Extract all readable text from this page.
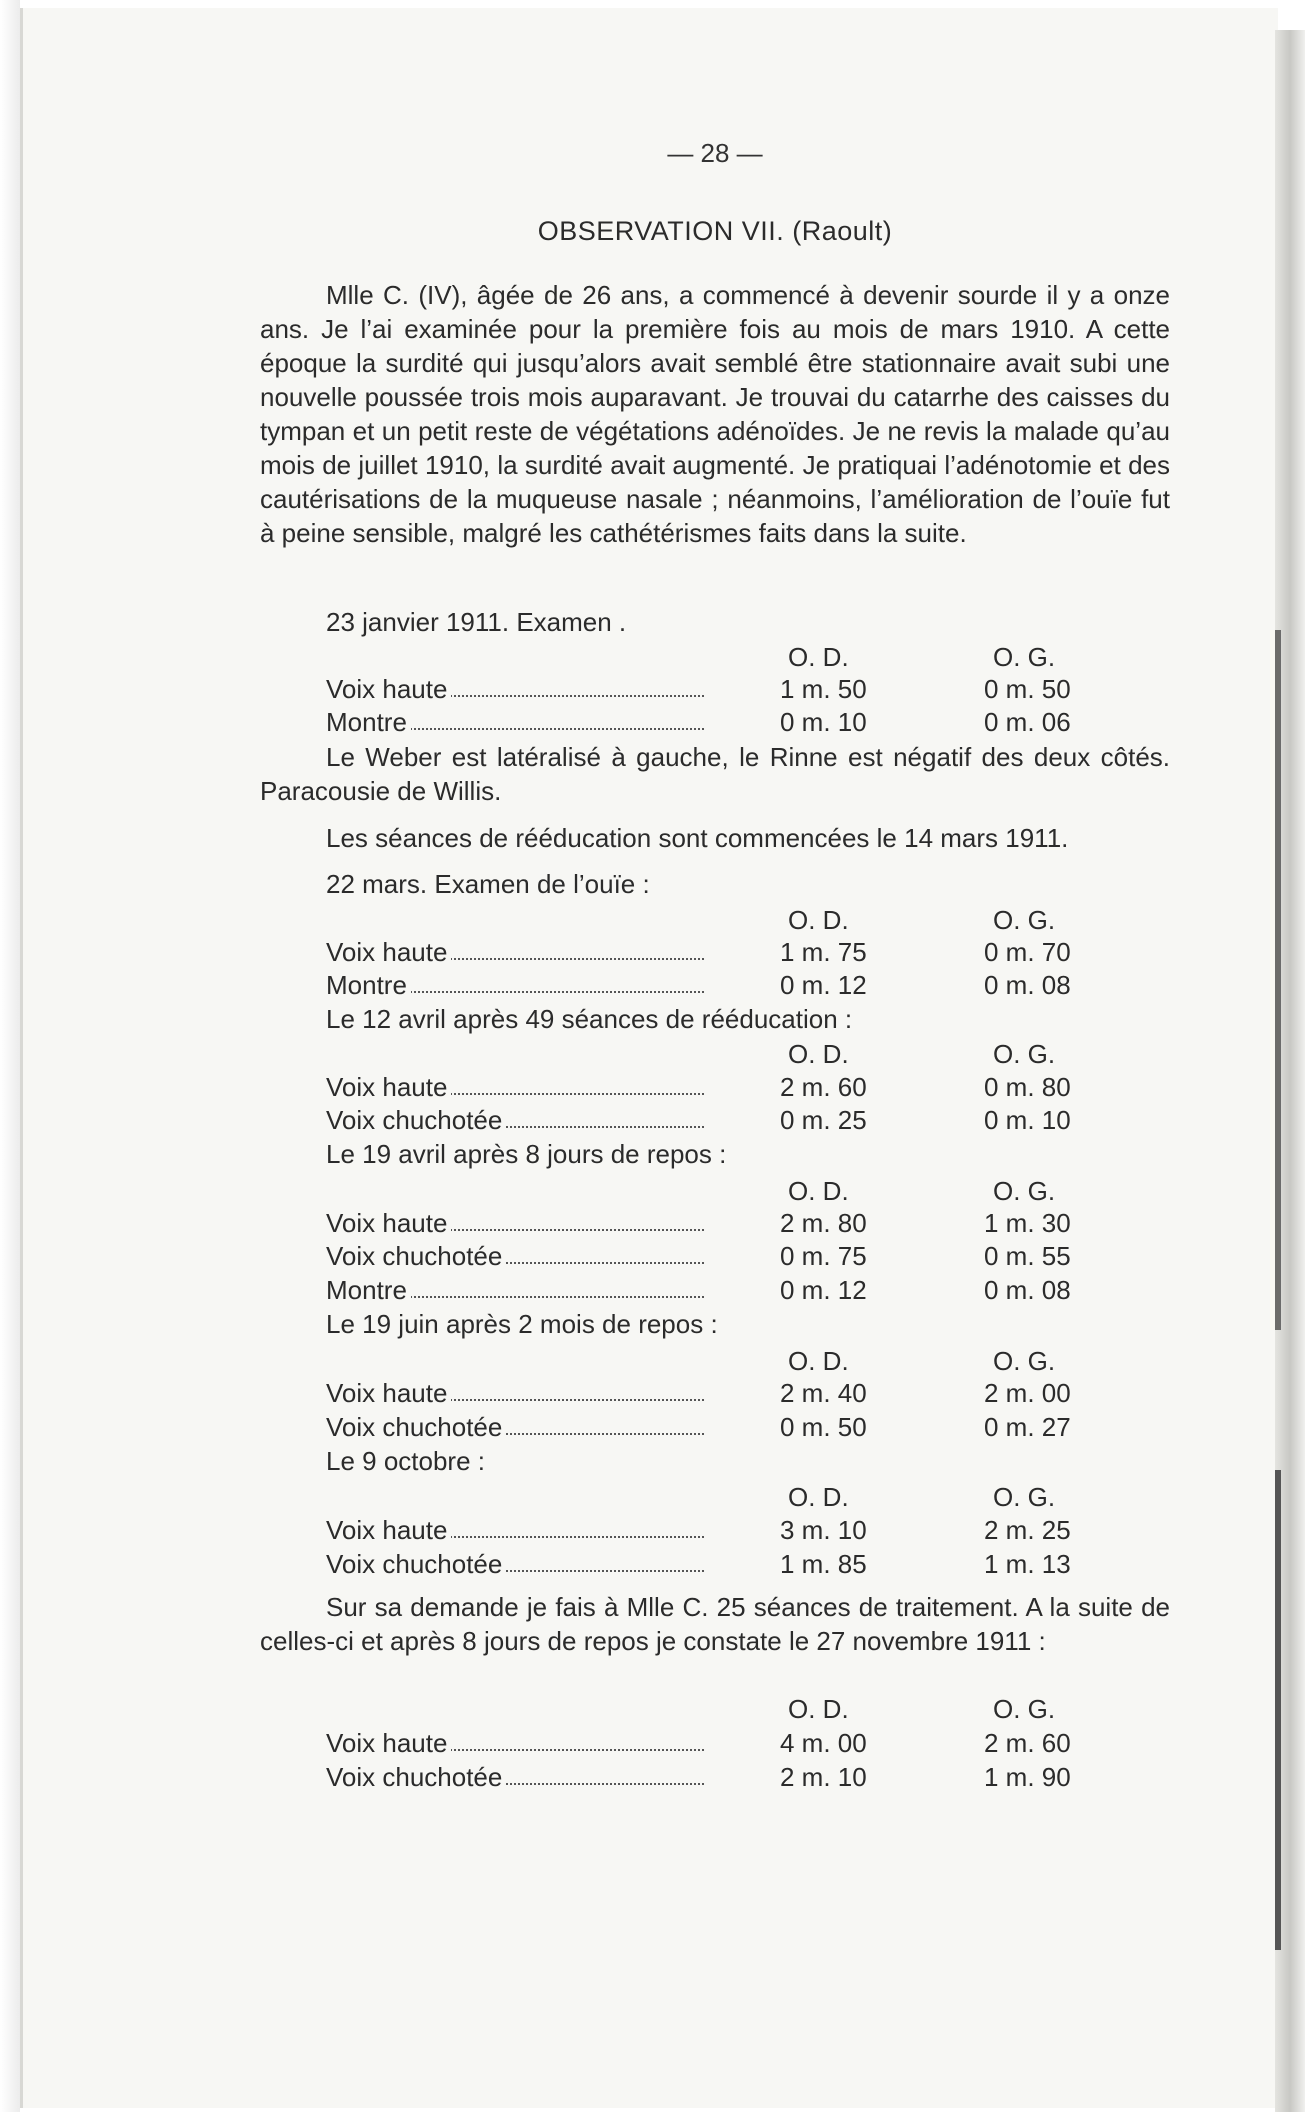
— 28 —
OBSERVATION VII. (Raoult)
Mlle C. (IV), âgée de 26 ans, a commencé à devenir sourde il y a onze ans. Je l’ai examinée pour la première fois au mois de mars 1910. A cette époque la surdité qui jusqu’alors avait semblé être stationnaire avait subi une nouvelle poussée trois mois auparavant. Je trouvai du catarrhe des caisses du tympan et un petit reste de végétations adénoïdes. Je ne revis la malade qu’au mois de juillet 1910, la surdité avait augmenté. Je pratiquai l’adénotomie et des cautérisations de la muqueuse nasale ; néanmoins, l’amélioration de l’ouïe fut à peine sensible, malgré les cathétérismes faits dans la suite.
23 janvier 1911. Examen .
O. D.	O. G.
Voix haute	1 m. 50	0 m. 50
Montre	0 m. 10	0 m. 06
Le Weber est latéralisé à gauche, le Rinne est négatif des deux côtés. Paracousie de Willis.
Les séances de rééducation sont commencées le 14 mars 1911.
22 mars. Examen de l’ouïe :
O. D.	O. G.
Voix haute	1 m. 75	0 m. 70
Montre	0 m. 12	0 m. 08
Le 12 avril après 49 séances de rééducation :
O. D.	O. G.
Voix haute	2 m. 60	0 m. 80
Voix chuchotée	0 m. 25	0 m. 10
Le 19 avril après 8 jours de repos :
O. D.	O. G.
Voix haute	2 m. 80	1 m. 30
Voix chuchotée	0 m. 75	0 m. 55
Montre	0 m. 12	0 m. 08
Le 19 juin après 2 mois de repos :
O. D.	O. G.
Voix haute	2 m. 40	2 m. 00
Voix chuchotée	0 m. 50	0 m. 27
Le 9 octobre :
O. D.	O. G.
Voix haute	3 m. 10	2 m. 25
Voix chuchotée	1 m. 85	1 m. 13
Sur sa demande je fais à Mlle C. 25 séances de traitement. A la suite de celles-ci et après 8 jours de repos je constate le 27 novembre 1911 :
O. D.	O. G.
Voix haute	4 m. 00	2 m. 60
Voix chuchotée	2 m. 10	1 m. 90
